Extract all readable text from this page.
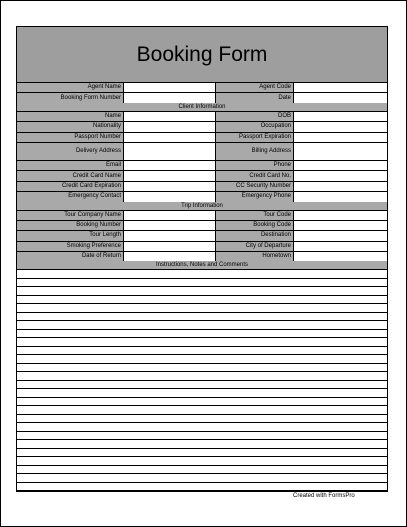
Booking Form
Agent Name	Agent Code
Booking Form Number	Date
Client Information
Name	DOB
Nationality	Occupation
Passport Number	Passport Expiration
Delivery Address	Billing Address
Email	Phone
Credit Card Name	Credit Card No.
Credit Card Expiration	CC Security Number
Emergency Contact	Emergency Phone
Trip Information
Tour Company Name	Tour Code
Booking Number	Booking Code
Tour Length	Destination
Smoking Preference	City of Departure
Date of Return	Hometown
Instructions, Notes and Comments
Created with FormsPro
